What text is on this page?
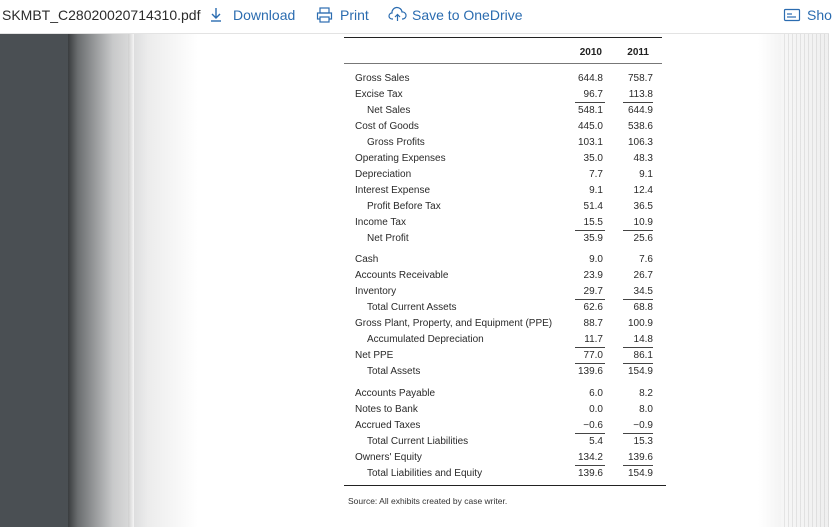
SKMBT_C28020020714310.pdf Download	Print	Save to OneDrive	Sho
2010	2011
Source: All exhibits created by case writer.
Gross Sales	644.8	758.7
Excise Tax	96.7	113.8
Net Sales	548.1	644.9
Cost of Goods	445.0	538.6
Gross Profits	103.1	106.3
Operating Expenses	35.0	48.3
Depreciation	7.7	9.1
Interest Expense	9.1	12.4
Profit Before Tax	51.4	36.5
Income Tax	15.5	10.9
Net Profit	35.9	25.6
Cash	9.0	7.6
Accounts Receivable	23.9	26.7
Inventory	29.7	34.5
Total Current Assets	62.6	68.8
Gross Plant, Property, and Equipment (PPE)	88.7	100.9
Accumulated Depreciation	11.7	14.8
Net PPE	77.0	86.1
Total Assets	139.6	154.9
Accounts Payable	6.0	8.2
Notes to Bank	0.0	8.0
Accrued Taxes	−0.6	−0.9
Total Current Liabilities	5.4	15.3
Owners' Equity	134.2	139.6
Total Liabilities and Equity	139.6	154.9
